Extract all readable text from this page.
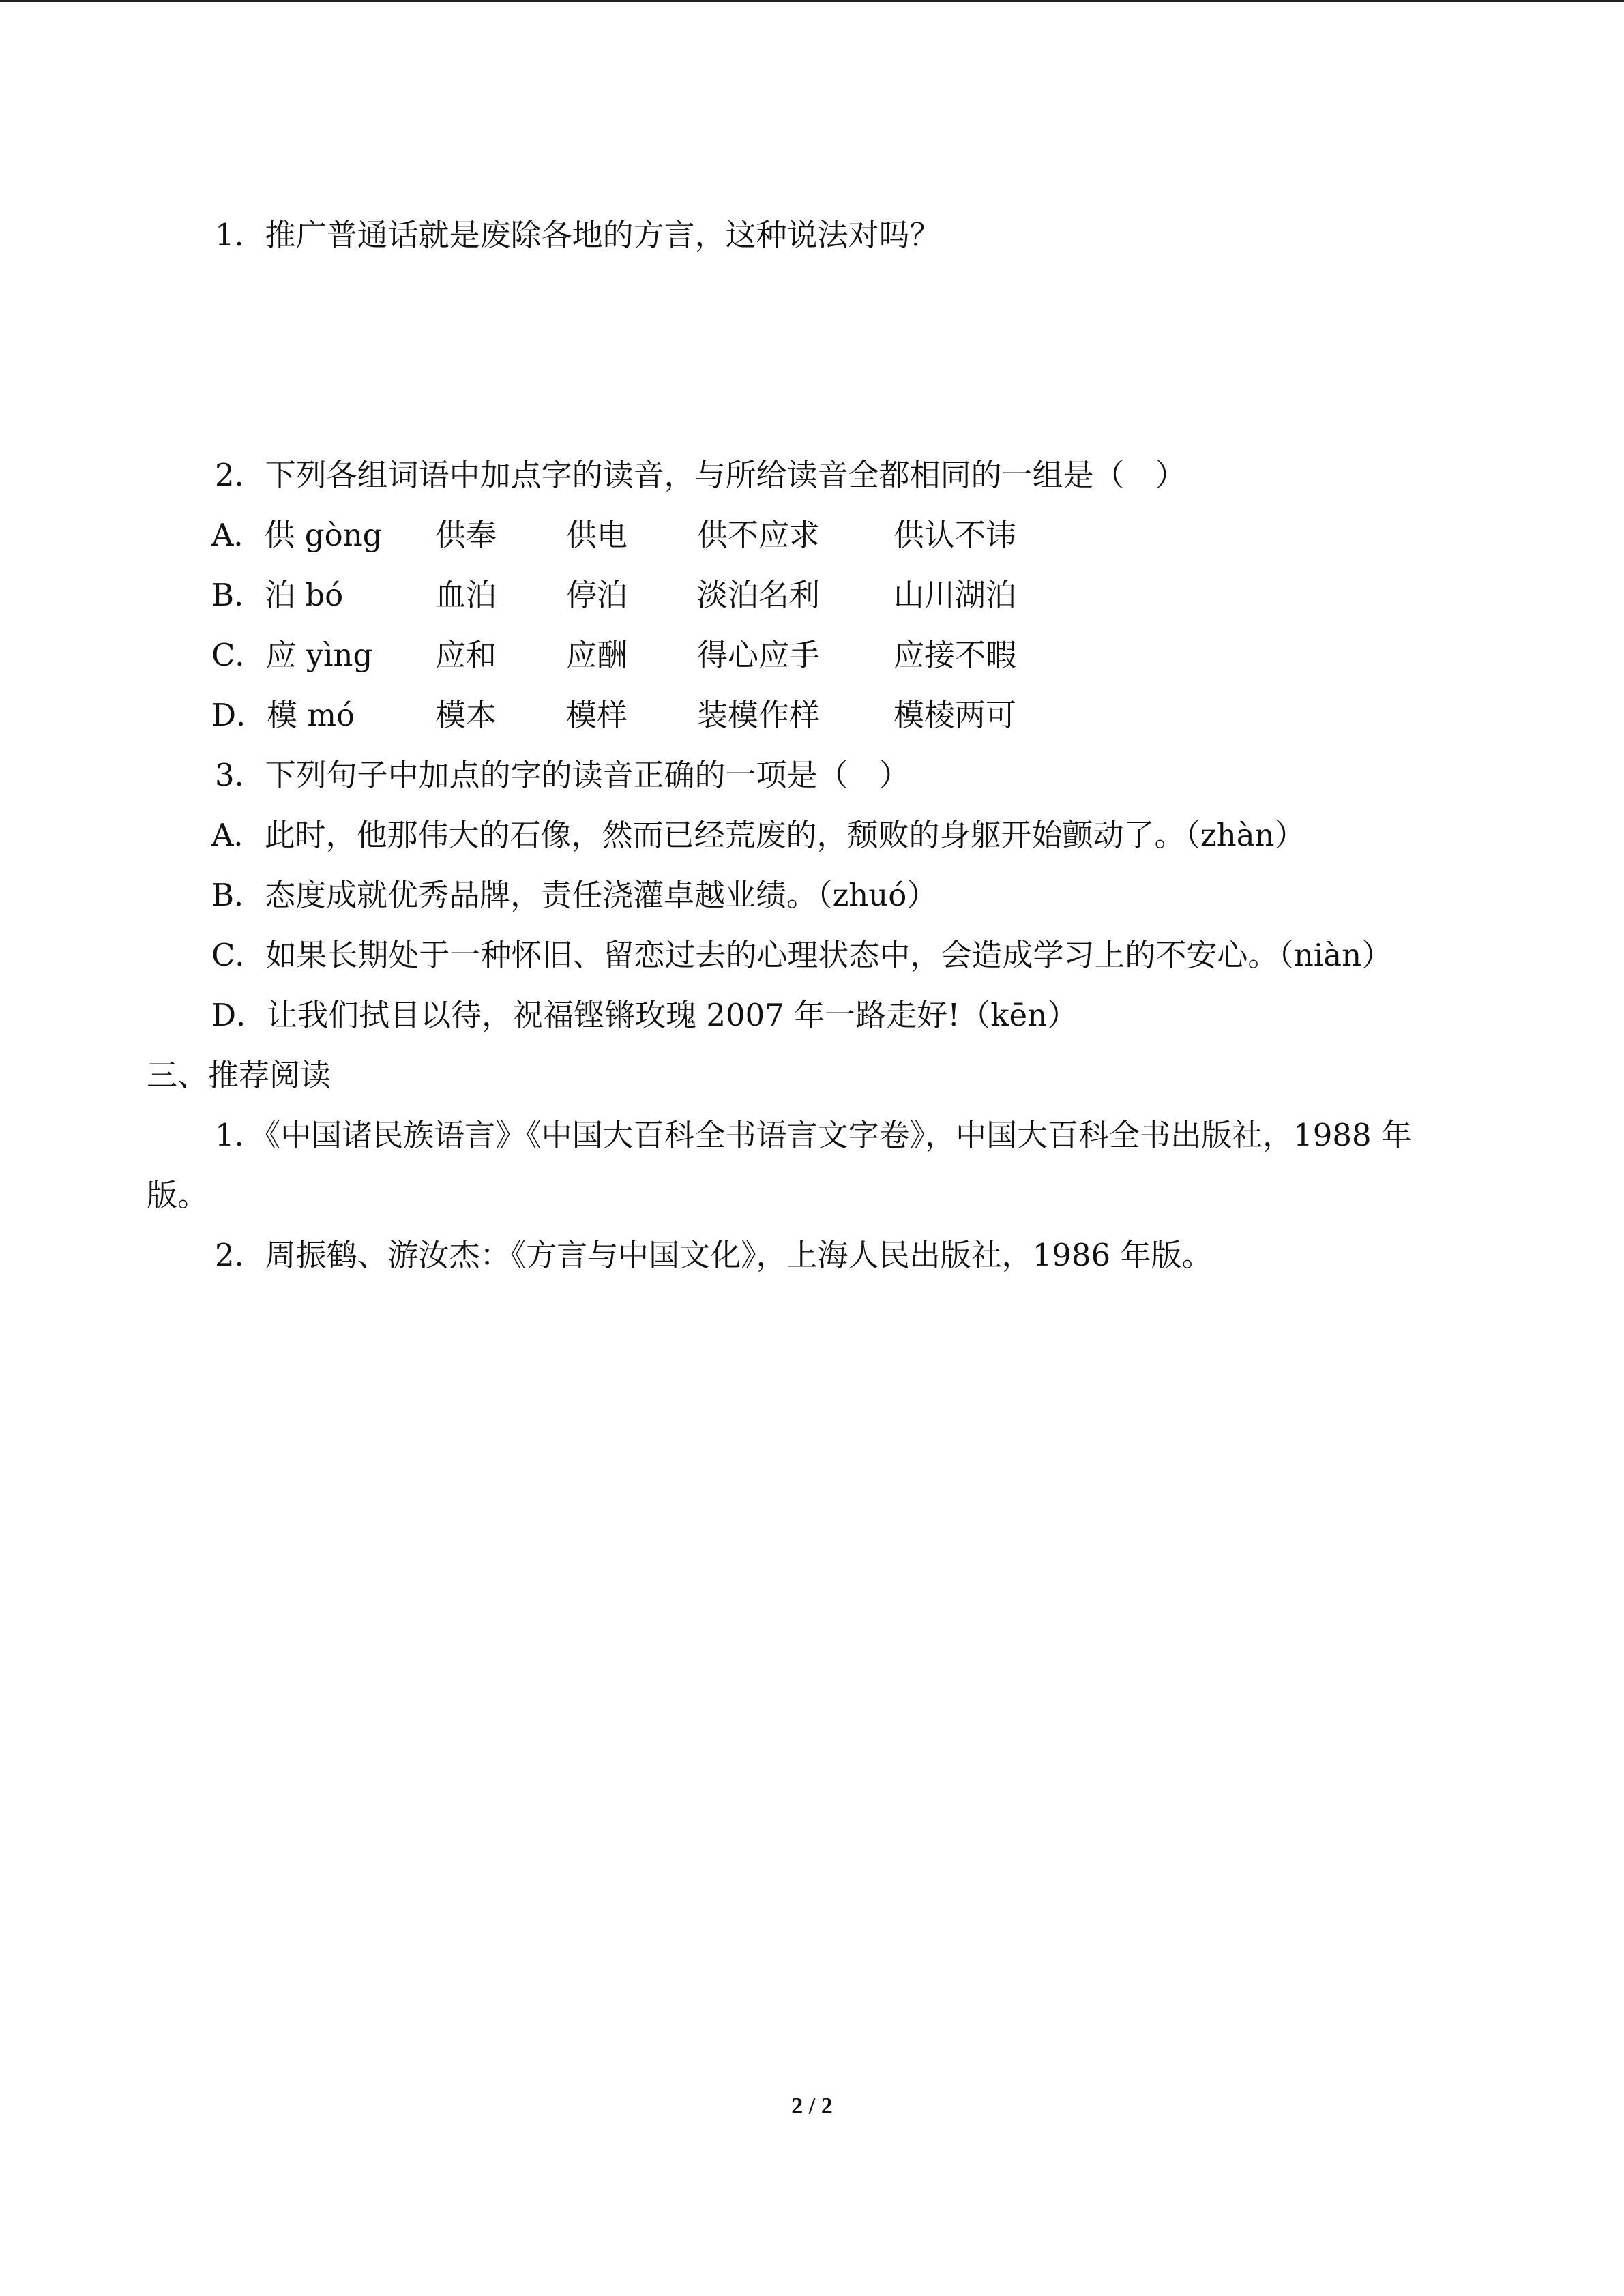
1．推广普通话就是废除各地的方言，这种说法对吗？
2．下列各组词语中加点字的读音，与所给读音全都相同的一组是（　）
A．供 gòng 供奉 供电 供不应求 供认不讳
B．泊 bó	血泊 停泊 淡泊名利 山川湖泊
C．应 yìng 应和 应酬 得心应手 应接不暇
D．模 mó	模本 模样 装模作样 模棱两可
3．下列句子中加点的字的读音正确的一项是（　）
A．此时，他那伟大的石像，然而已经荒废的，颓败的身躯开始颤动了。（zhàn）
B．态度成就优秀品牌，责任浇灌卓越业绩。（zhuó）
C．如果长期处于一种怀旧、留恋过去的心理状态中，会造成学习上的不安心。（niàn）
D．让我们拭目以待，祝福铿锵玫瑰 2007 年一路走好!（kēn）
三、推荐阅读
1．《中国诸民族语言》《中国大百科全书语言文字卷》，中国大百科全书出版社，1988 年
版。
2．周振鹤、游汝杰：《方言与中国文化》，上海人民出版社，1986 年版。
2 / 2
